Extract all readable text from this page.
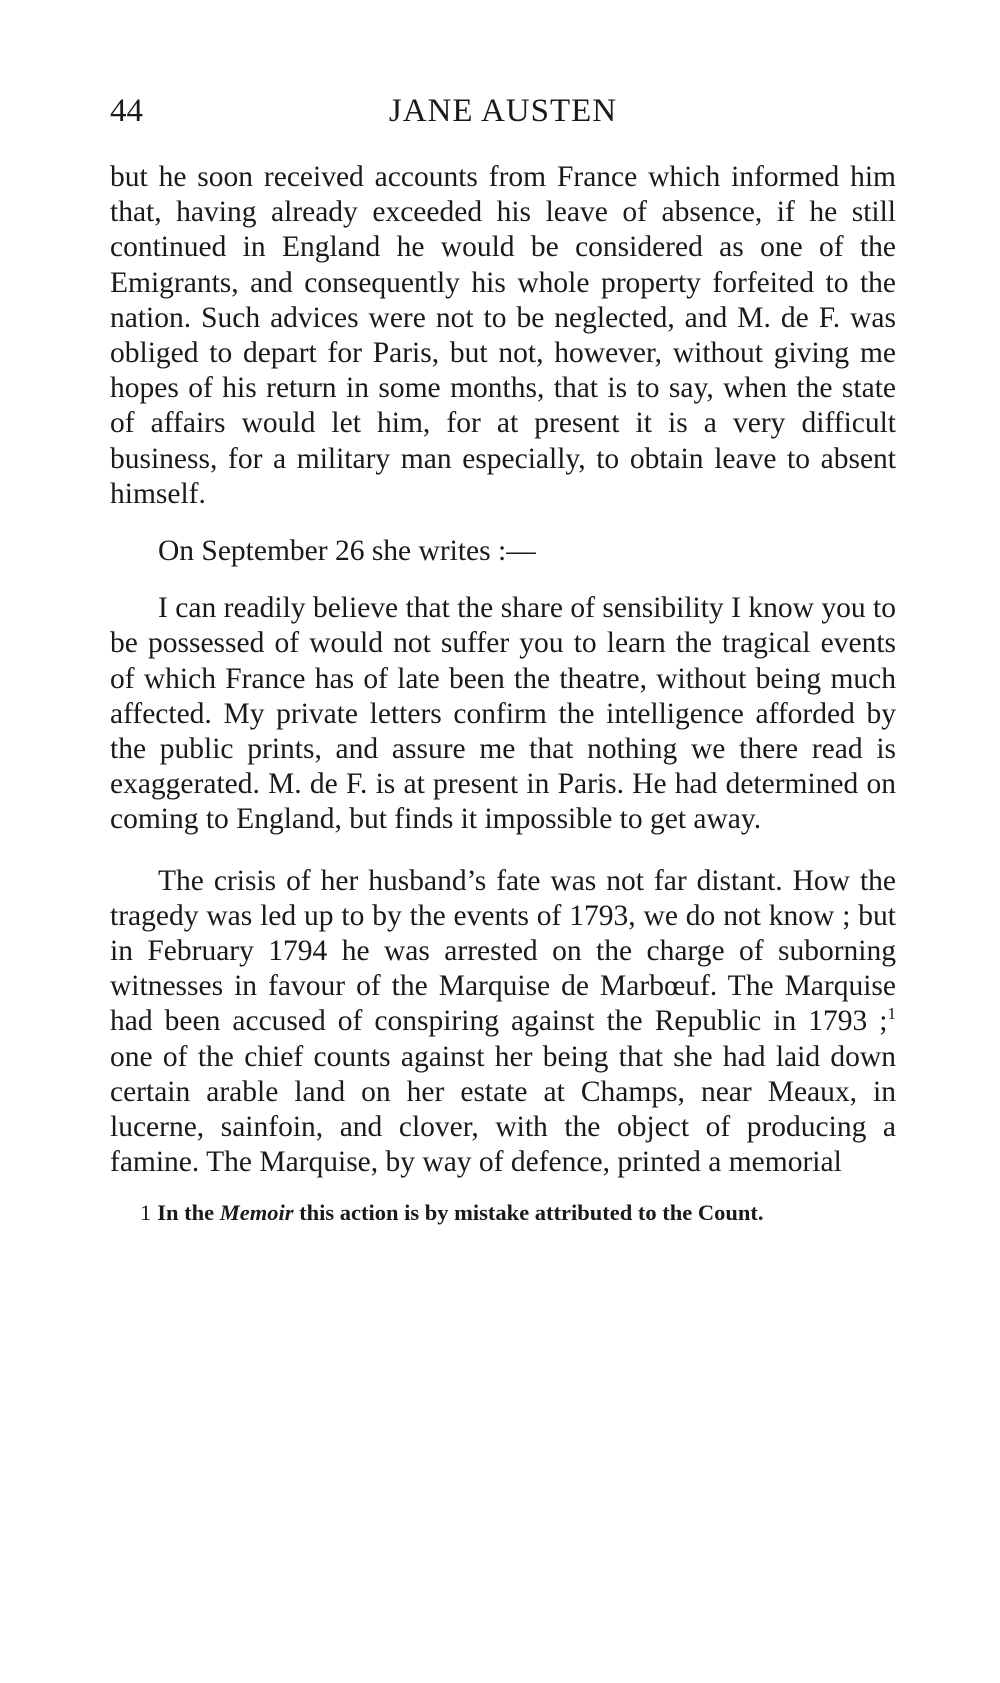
44	JANE AUSTEN

but he soon received accounts from France which informed him that, having already exceeded his leave of absence, if he still continued in England he would be considered as one of the Emigrants, and consequently his whole property forfeited to the nation. Such advices were not to be neglected, and M. de F. was obliged to depart for Paris, but not, however, without giving me hopes of his return in some months, that is to say, when the state of affairs would let him, for at present it is a very difficult business, for a military man especially, to obtain leave to absent himself.

On September 26 she writes :—

I can readily believe that the share of sensibility I know you to be possessed of would not suffer you to learn the tragical events of which France has of late been the theatre, without being much affected. My private letters confirm the intelligence afforded by the public prints, and assure me that nothing we there read is exaggerated. M. de F. is at present in Paris. He had determined on coming to England, but finds it impossible to get away.

The crisis of her husband’s fate was not far distant. How the tragedy was led up to by the events of 1793, we do not know ; but in February 1794 he was arrested on the charge of suborning witnesses in favour of the Marquise de Marbœuf. The Marquise had been accused of conspiring against the Republic in 1793 ;$^1$ one of the chief counts against her being that she had laid down certain arable land on her estate at Champs, near Meaux, in lucerne, sainfoin, and clover, with the object of producing a famine. The Marquise, by way of defence, printed a memorial

1 In the Memoir this action is by mistake attributed to the Count.
